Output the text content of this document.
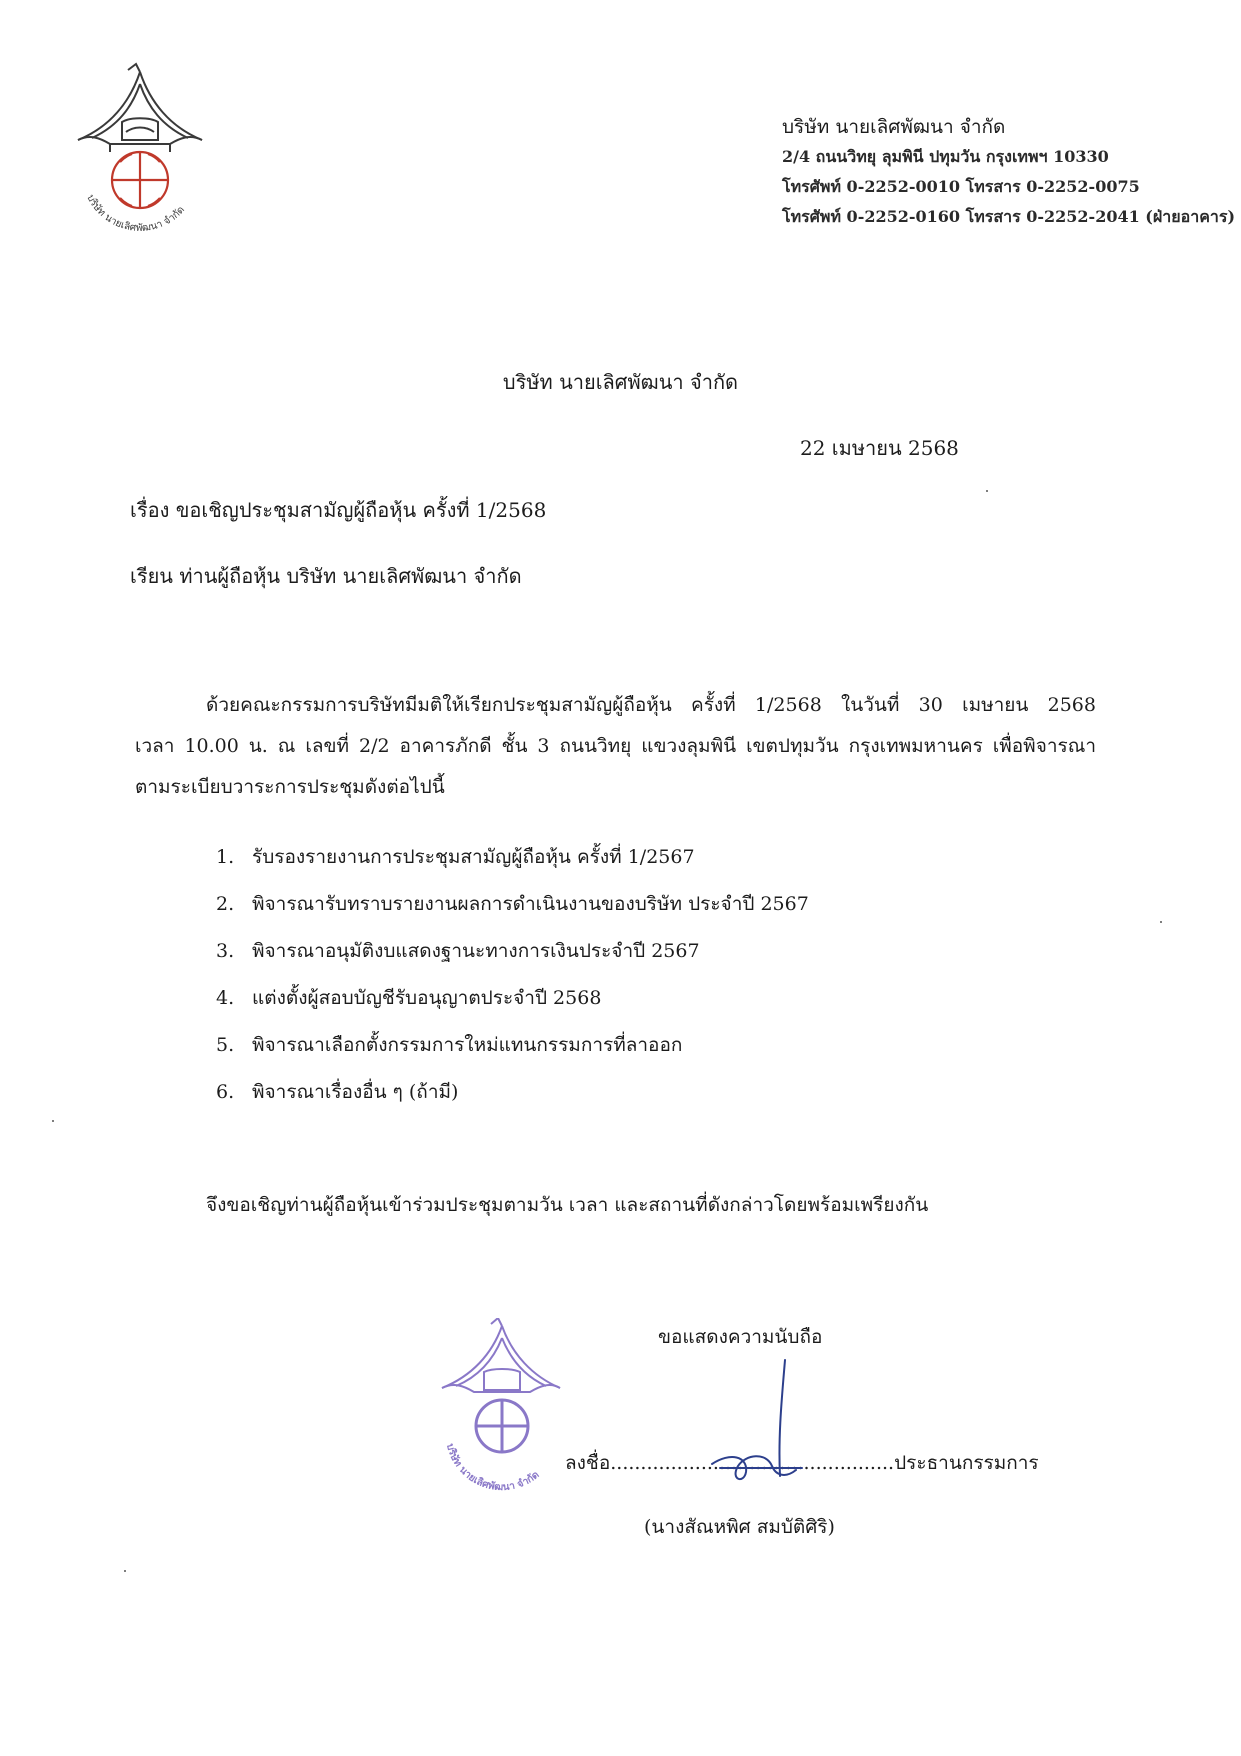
บริษัท นายเลิศพัฒนา จำกัด
บริษัท นายเลิศพัฒนา จำกัด
2/4 ถนนวิทยุ ลุมพินี ปทุมวัน กรุงเทพฯ 10330
โทรศัพท์ 0-2252-0010 โทรสาร 0-2252-0075
โทรศัพท์ 0-2252-0160 โทรสาร 0-2252-2041 (ฝ่ายอาคาร)
บริษัท นายเลิศพัฒนา จำกัด
22 เมษายน 2568
เรื่อง ขอเชิญประชุมสามัญผู้ถือหุ้น ครั้งที่ 1/2568
เรียน ท่านผู้ถือหุ้น บริษัท นายเลิศพัฒนา จำกัด
ด้วยคณะกรรมการบริษัทมีมติให้เรียกประชุมสามัญผู้ถือหุ้น ครั้งที่ 1/2568 ในวันที่ 30 เมษายน 2568
เวลา 10.00 น. ณ เลขที่ 2/2 อาคารภักดี ชั้น 3 ถนนวิทยุ แขวงลุมพินี เขตปทุมวัน กรุงเทพมหานคร เพื่อพิจารณา
ตามระเบียบวาระการประชุมดังต่อไปนี้
1. รับรองรายงานการประชุมสามัญผู้ถือหุ้น ครั้งที่ 1/2567
2. พิจารณารับทราบรายงานผลการดำเนินงานของบริษัท ประจำปี 2567
3. พิจารณาอนุมัติงบแสดงฐานะทางการเงินประจำปี 2567
4. แต่งตั้งผู้สอบบัญชีรับอนุญาตประจำปี 2568
5. พิจารณาเลือกตั้งกรรมการใหม่แทนกรรมการที่ลาออก
6. พิจารณาเรื่องอื่น ๆ (ถ้ามี)
จึงขอเชิญท่านผู้ถือหุ้นเข้าร่วมประชุมตามวัน เวลา และสถานที่ดังกล่าวโดยพร้อมเพรียงกัน
ขอแสดงความนับถือ
บริษัท นายเลิศพัฒนา จำกัด
ลงชื่อ...............................................ประธานกรรมการ
(นางสัณหพิศ สมบัติศิริ)
